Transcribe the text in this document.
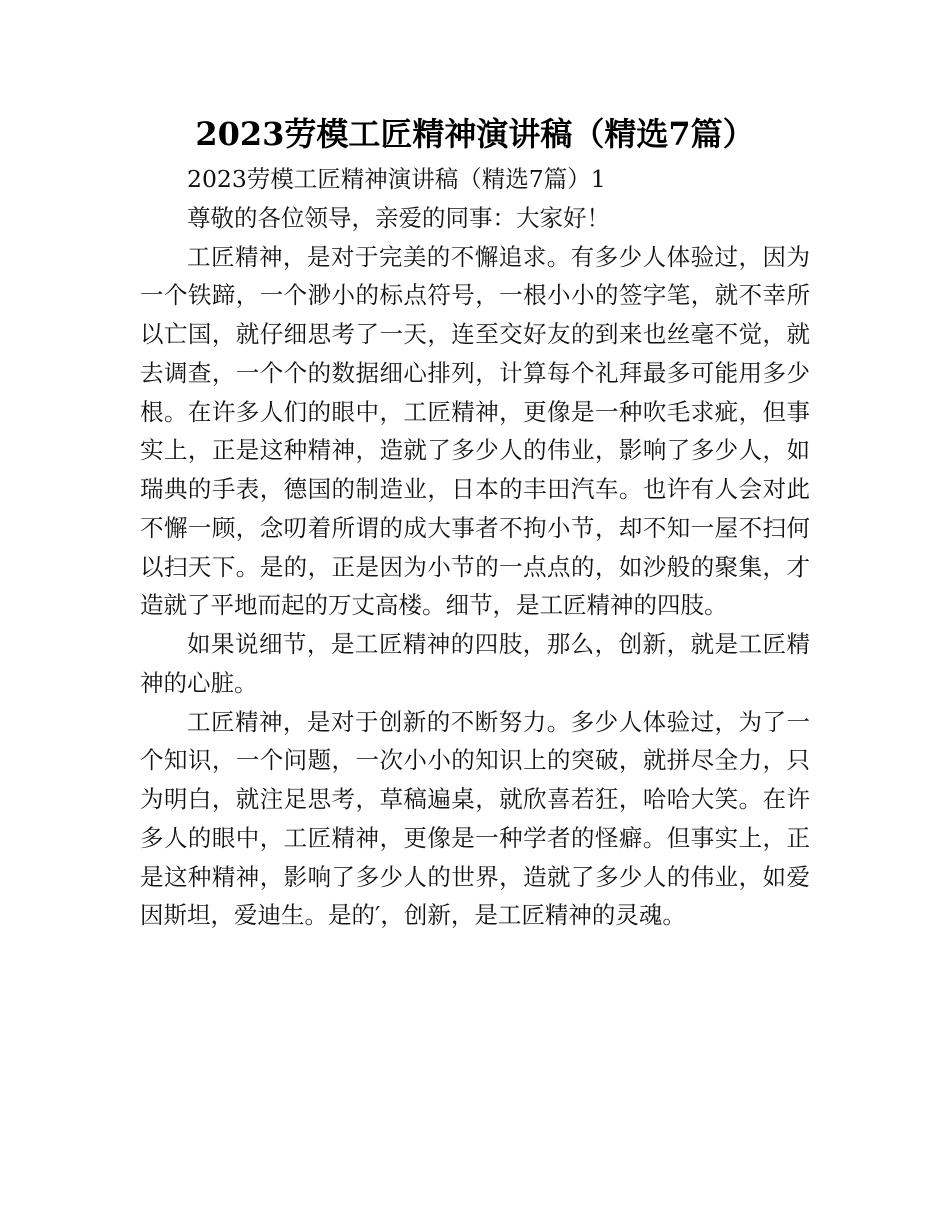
2023劳模工匠精神演讲稿（精选7篇）

2023劳模工匠精神演讲稿（精选7篇）1

尊敬的各位领导，亲爱的同事：大家好！

工匠精神，是对于完美的不懈追求。有多少人体验过，因为一个铁蹄，一个渺小的标点符号，一根小小的签字笔，就不幸所以亡国，就仔细思考了一天，连至交好友的到来也丝毫不觉，就去调查，一个个的数据细心排列，计算每个礼拜最多可能用多少根。在许多人们的眼中，工匠精神，更像是一种吹毛求疵，但事实上，正是这种精神，造就了多少人的伟业，影响了多少人，如瑞典的手表，德国的制造业，日本的丰田汽车。也许有人会对此不懈一顾，念叨着所谓的成大事者不拘小节，却不知一屋不扫何以扫天下。是的，正是因为小节的一点点的，如沙般的聚集，才造就了平地而起的万丈高楼。细节，是工匠精神的四肢。

如果说细节，是工匠精神的四肢，那么，创新，就是工匠精神的心脏。

工匠精神，是对于创新的不断努力。多少人体验过，为了一个知识，一个问题，一次小小的知识上的突破，就拼尽全力，只为明白，就注足思考，草稿遍桌，就欣喜若狂，哈哈大笑。在许多人的眼中，工匠精神，更像是一种学者的怪癖。但事实上，正是这种精神，影响了多少人的世界，造就了多少人的伟业，如爱因斯坦，爱迪生。是的′，创新，是工匠精神的灵魂。
